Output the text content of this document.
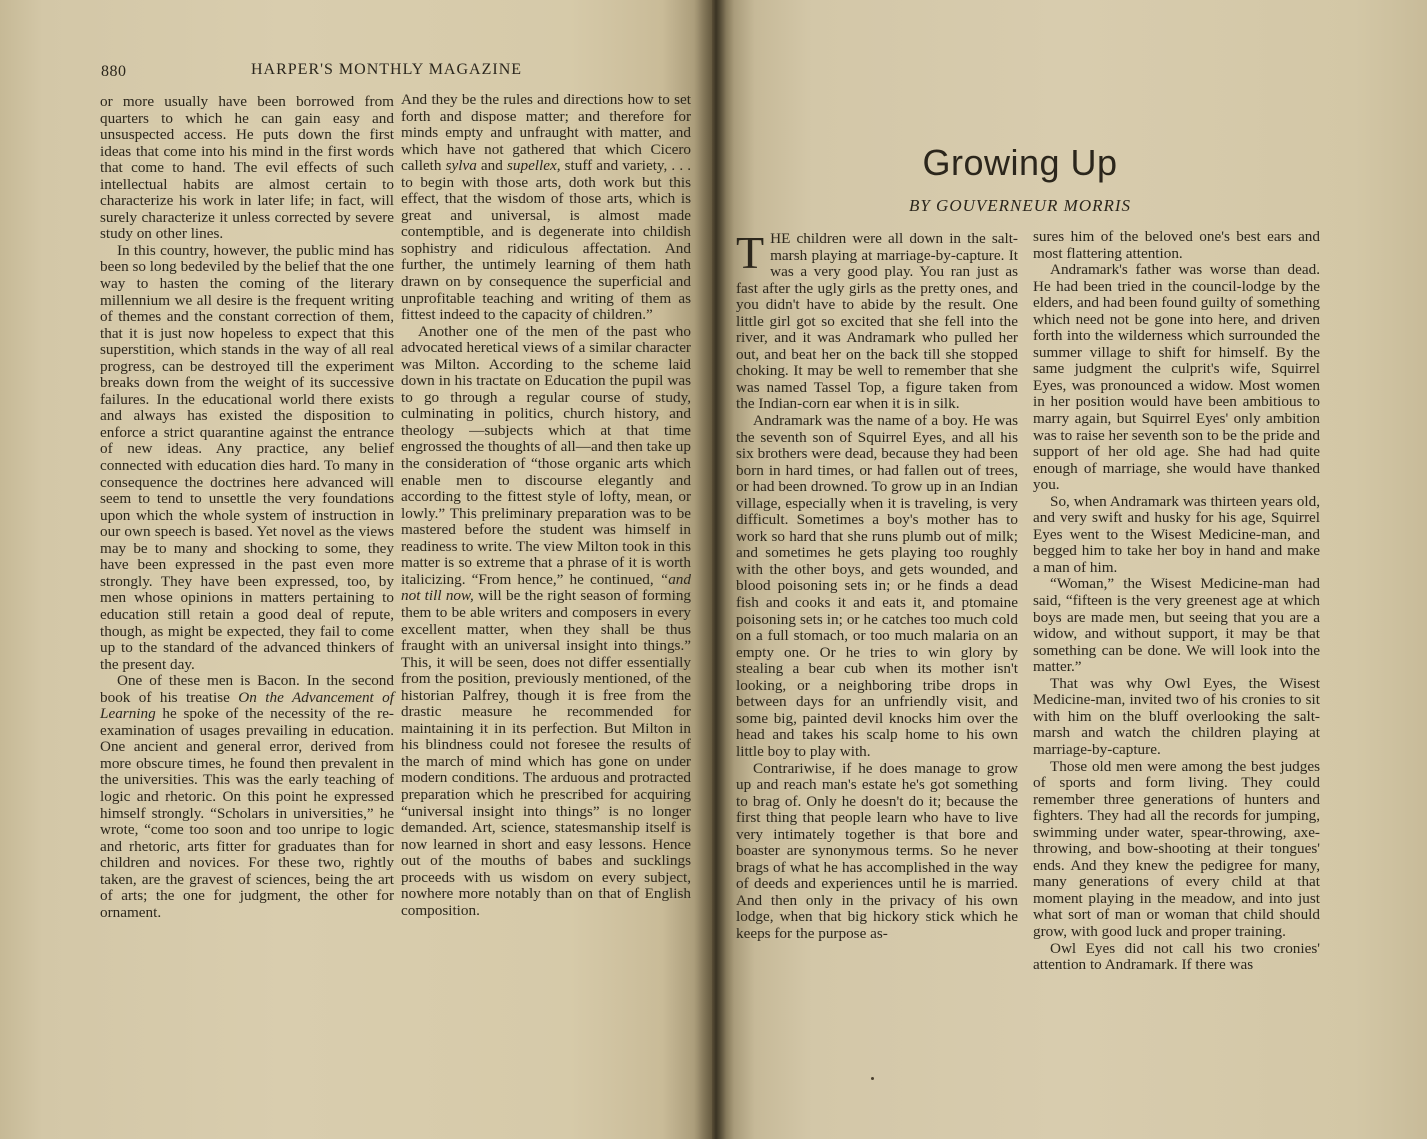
880	HARPER'S MONTHLY MAGAZINE

or more usually have been borrowed from quarters to which he can gain easy and unsuspected access. He puts down the first ideas that come into his mind in the first words that come to hand. The evil effects of such intellectual habits are almost certain to characterize his work in later life; in fact, will surely characterize it unless corrected by severe study on other lines.

In this country, however, the public mind has been so long bedeviled by the belief that the one way to hasten the coming of the literary millennium we all desire is the frequent writing of themes and the constant correction of them, that it is just now hopeless to expect that this superstition, which stands in the way of all real progress, can be destroyed till the experiment breaks down from the weight of its successive failures. In the educational world there exists and always has existed the disposition to enforce a strict quarantine against the entrance of new ideas. Any practice, any belief connected with education dies hard. To many in consequence the doctrines here advanced will seem to tend to unsettle the very foundations upon which the whole system of instruction in our own speech is based. Yet novel as the views may be to many and shocking to some, they have been expressed in the past even more strongly. They have been expressed, too, by men whose opinions in matters pertaining to education still retain a good deal of repute, though, as might be expected, they fail to come up to the standard of the advanced thinkers of the present day.

One of these men is Bacon. In the second book of his treatise On the Advancement of Learning he spoke of the necessity of the re-examination of usages prevailing in education. One ancient and general error, derived from more obscure times, he found then prevalent in the universities. This was the early teaching of logic and rhetoric. On this point he expressed himself strongly. “Scholars in universities,” he wrote, “come too soon and too unripe to logic and rhetoric, arts fitter for graduates than for children and novices. For these two, rightly taken, are the gravest of sciences, being the art of arts; the one for judgment, the other for ornament.

And they be the rules and directions how to set forth and dispose matter; and therefore for minds empty and unfraught with matter, and which have not gathered that which Cicero calleth sylva and supellex, stuff and variety, . . . to begin with those arts, doth work but this effect, that the wisdom of those arts, which is great and universal, is almost made contemptible, and is degenerate into childish sophistry and ridiculous affectation. And further, the untimely learning of them hath drawn on by consequence the superficial and unprofitable teaching and writing of them as fittest indeed to the capacity of children.”

Another one of the men of the past who advocated heretical views of a similar character was Milton. According to the scheme laid down in his tractate on Education the pupil was to go through a regular course of study, culminating in politics, church history, and theology —subjects which at that time engrossed the thoughts of all—and then take up the consideration of “those organic arts which enable men to discourse elegantly and according to the fittest style of lofty, mean, or lowly.” This preliminary preparation was to be mastered before the student was himself in readiness to write. The view Milton took in this matter is so extreme that a phrase of it is worth italicizing. “From hence,” he continued, “and not till now, will be the right season of forming them to be able writers and composers in every excellent matter, when they shall be thus fraught with an universal insight into things.” This, it will be seen, does not differ essentially from the position, previously mentioned, of the historian Palfrey, though it is free from the drastic measure he recommended for maintaining it in its perfection. But Milton in his blindness could not foresee the results of the march of mind which has gone on under modern conditions. The arduous and protracted preparation which he prescribed for acquiring “universal insight into things” is no longer demanded. Art, science, statesmanship itself is now learned in short and easy lessons. Hence out of the mouths of babes and sucklings proceeds with us wisdom on every subject, nowhere more notably than on that of English composition.

Growing Up
BY GOUVERNEUR MORRIS

THE children were all down in the salt-marsh playing at marriage-by-capture. It was a very good play. You ran just as fast after the ugly girls as the pretty ones, and you didn't have to abide by the result. One little girl got so excited that she fell into the river, and it was Andramark who pulled her out, and beat her on the back till she stopped choking. It may be well to remember that she was named Tassel Top, a figure taken from the Indian-corn ear when it is in silk.

Andramark was the name of a boy. He was the seventh son of Squirrel Eyes, and all his six brothers were dead, because they had been born in hard times, or had fallen out of trees, or had been drowned. To grow up in an Indian village, especially when it is traveling, is very difficult. Sometimes a boy's mother has to work so hard that she runs plumb out of milk; and sometimes he gets playing too roughly with the other boys, and gets wounded, and blood poisoning sets in; or he finds a dead fish and cooks it and eats it, and ptomaine poisoning sets in; or he catches too much cold on a full stomach, or too much malaria on an empty one. Or he tries to win glory by stealing a bear cub when its mother isn't looking, or a neighboring tribe drops in between days for an unfriendly visit, and some big, painted devil knocks him over the head and takes his scalp home to his own little boy to play with.

Contrariwise, if he does manage to grow up and reach man's estate he's got something to brag of. Only he doesn't do it; because the first thing that people learn who have to live very intimately together is that bore and boaster are synonymous terms. So he never brags of what he has accomplished in the way of deeds and experiences until he is married. And then only in the privacy of his own lodge, when that big hickory stick which he keeps for the purpose as-

sures him of the beloved one's best ears and most flattering attention.

Andramark's father was worse than dead. He had been tried in the council-lodge by the elders, and had been found guilty of something which need not be gone into here, and driven forth into the wilderness which surrounded the summer village to shift for himself. By the same judgment the culprit's wife, Squirrel Eyes, was pronounced a widow. Most women in her position would have been ambitious to marry again, but Squirrel Eyes' only ambition was to raise her seventh son to be the pride and support of her old age. She had had quite enough of marriage, she would have thanked you.

So, when Andramark was thirteen years old, and very swift and husky for his age, Squirrel Eyes went to the Wisest Medicine-man, and begged him to take her boy in hand and make a man of him.

“Woman,” the Wisest Medicine-man had said, “fifteen is the very greenest age at which boys are made men, but seeing that you are a widow, and without support, it may be that something can be done. We will look into the matter.”

That was why Owl Eyes, the Wisest Medicine-man, invited two of his cronies to sit with him on the bluff overlooking the salt-marsh and watch the children playing at marriage-by-capture.

Those old men were among the best judges of sports and form living. They could remember three generations of hunters and fighters. They had all the records for jumping, swimming under water, spear-throwing, axe-throwing, and bow-shooting at their tongues' ends. And they knew the pedigree for many, many generations of every child at that moment playing in the meadow, and into just what sort of man or woman that child should grow, with good luck and proper training.

Owl Eyes did not call his two cronies' attention to Andramark. If there was
